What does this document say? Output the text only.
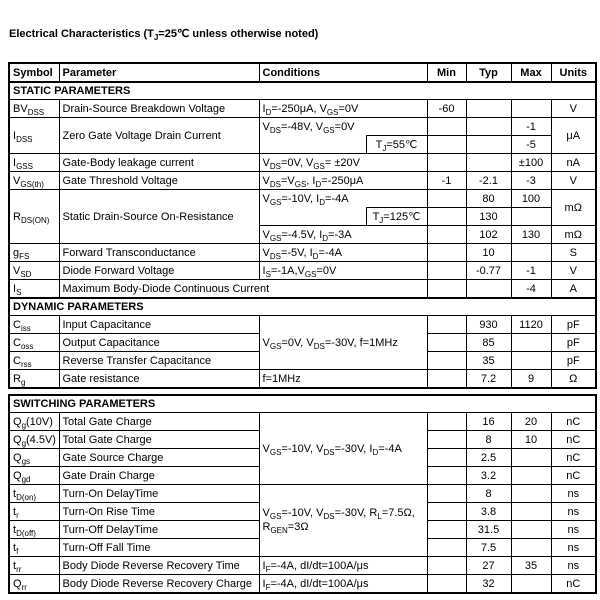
Electrical Characteristics ($T_J=25℃$ unless otherwise noted)
Symbol	Parameter	Conditions		Min	Typ	Max	Units
STATIC PARAMETERS							
$BV_{DSS}$	Drain-Source Breakdown Voltage	$I_D=-250\mu A$, $V_{GS}=0V$		-60			V
$I_{DSS}$	Zero Gate Voltage Drain Current	$V_{DS}=-48V$, $V_{GS}=0V$				-1	μA
			$T_J=55℃$			-5	
$I_{GSS}$	Gate-Body leakage current	$V_{DS}=0V$, $V_{GS}= \pm 20V$				±100	nA
$V_{GS(th)}$	Gate Threshold Voltage	$V_{DS}=V_{GS}$, $I_D=-250\mu A$		-1	-2.1	-3	V
$R_{DS(ON)}$	Static Drain-Source On-Resistance	$V_{GS}=-10V$, $I_D=-4A$			80	100	mΩ
			$T_J=125℃$		130		
		$V_{GS}=-4.5V$, $I_D=-3A$			102	130	mΩ
$g_{FS}$	Forward Transconductance	$V_{DS}=-5V$, $I_D=-4A$			10		S
$V_{SD}$	Diode Forward Voltage	$I_S=-1A,V_{GS}=0V$			-0.77	-1	V
$I_S$	Maximum Body-Diode Continuous Current					-4	A
DYNAMIC PARAMETERS							
$C_{iss}$	Input Capacitance	$V_{GS}=0V$, $V_{DS}=-30V$, f=1MHz			930	1120	pF
$C_{oss}$	Output Capacitance				85		pF
$C_{rss}$	Reverse Transfer Capacitance				35		pF
$R_g$	Gate resistance	f=1MHz			7.2	9	Ω
SWITCHING PARAMETERS						
$Q_g(10V)$	Total Gate Charge	$V_{GS}=-10V$, $V_{DS}=-30V$, $I_D=-4A$		16	20	nC
$Q_g(4.5V)$	Total Gate Charge			8	10	nC
$Q_{gs}$	Gate Source Charge			2.5		nC
$Q_{gd}$	Gate Drain Charge			3.2		nC
$t_{D(on)}$	Turn-On DelayTime	$V_{GS}=-10V$, $V_{DS}=-30V$, $R_L=7.5\Omega$, $R_{GEN}=3\Omega$		8		ns
$t_r$	Turn-On Rise Time			3.8		ns
$t_{D(off)}$	Turn-Off DelayTime			31.5		ns
$t_f$	Turn-Off Fall Time			7.5		ns
$t_{rr}$	Body Diode Reverse Recovery Time	$I_F=-4A$, dI/dt=100A/μs		27	35	ns
$Q_{rr}$	Body Diode Reverse Recovery Charge	$I_F=-4A$, dI/dt=100A/μs		32		nC
